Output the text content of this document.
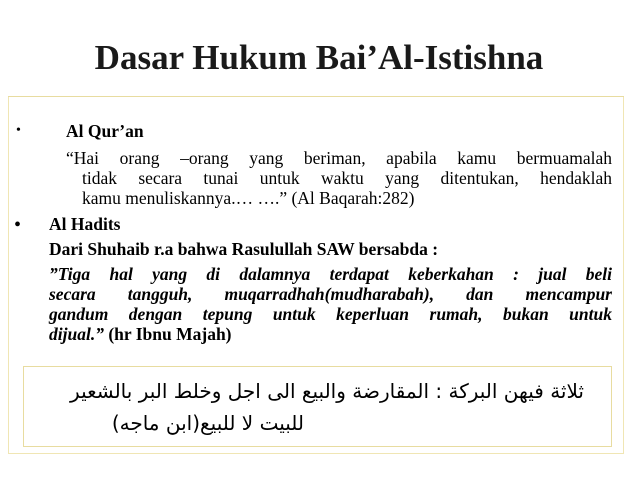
Dasar Hukum Bai’Al-Istishna
•	Al Qur’an
“Hai orang –orang yang beriman, apabila kamu bermuamalah
tidak secara tunai untuk waktu yang ditentukan, hendaklah
kamu menuliskannya.… ….” (Al Baqarah:282)
• Al Hadits
Dari Shuhaib r.a bahwa Rasulullah SAW bersabda :
”Tiga hal yang di dalamnya terdapat keberkahan : jual beli
secara tangguh, muqarradhah(mudharabah), dan mencampur
gandum dengan tepung untuk keperluan rumah, bukan untuk
dijual.” (hr Ibnu Majah)
ثلاثة فيهن البركة : المقارضة والبيع الى اجل وخلط البر بالشعير
للبيت لا للبيع(ابن ماجه)
